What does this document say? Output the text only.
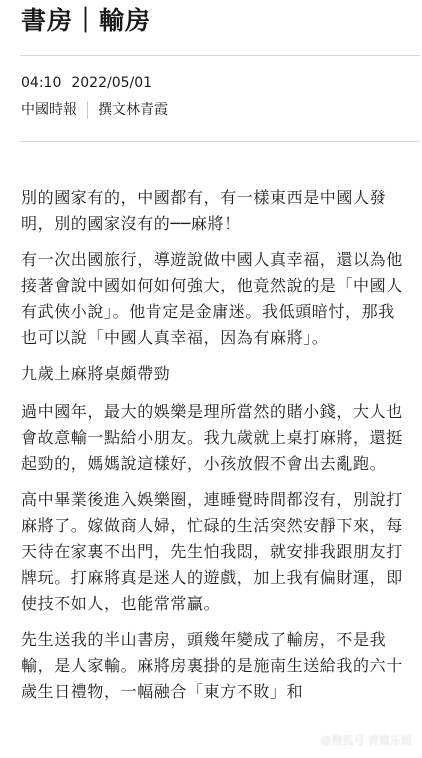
書房｜輸房
04:10 2022/05/01
中國時報 撰文林青霞

別的國家有的，中國都有，有一樣東西是中國人發明，別的國家沒有的──麻將！

有一次出國旅行，導遊說做中國人真幸福，還以為他接著會說中國如何如何強大，他竟然說的是「中國人有武俠小說」。他肯定是金庸迷。我低頭暗忖，那我也可以說「中國人真幸福，因為有麻將」。

九歲上麻將桌頗帶勁

過中國年，最大的娛樂是理所當然的賭小錢，大人也會故意輸一點給小朋友。我九歲就上桌打麻將，還挺起勁的，媽媽說這樣好，小孩放假不會出去亂跑。

高中畢業後進入娛樂圈，連睡覺時間都沒有，別說打麻將了。嫁做商人婦，忙碌的生活突然安靜下來，每天待在家裏不出門，先生怕我悶，就安排我跟朋友打牌玩。打麻將真是迷人的遊戲，加上我有偏財運，即使技不如人，也能常常贏。

先生送我的半山書房，頭幾年變成了輸房，不是我輸，是人家輸。麻將房裏掛的是施南生送給我的六十歲生日禮物，一幅融合「東方不敗」和

@搜狐号 青霞乐姐
